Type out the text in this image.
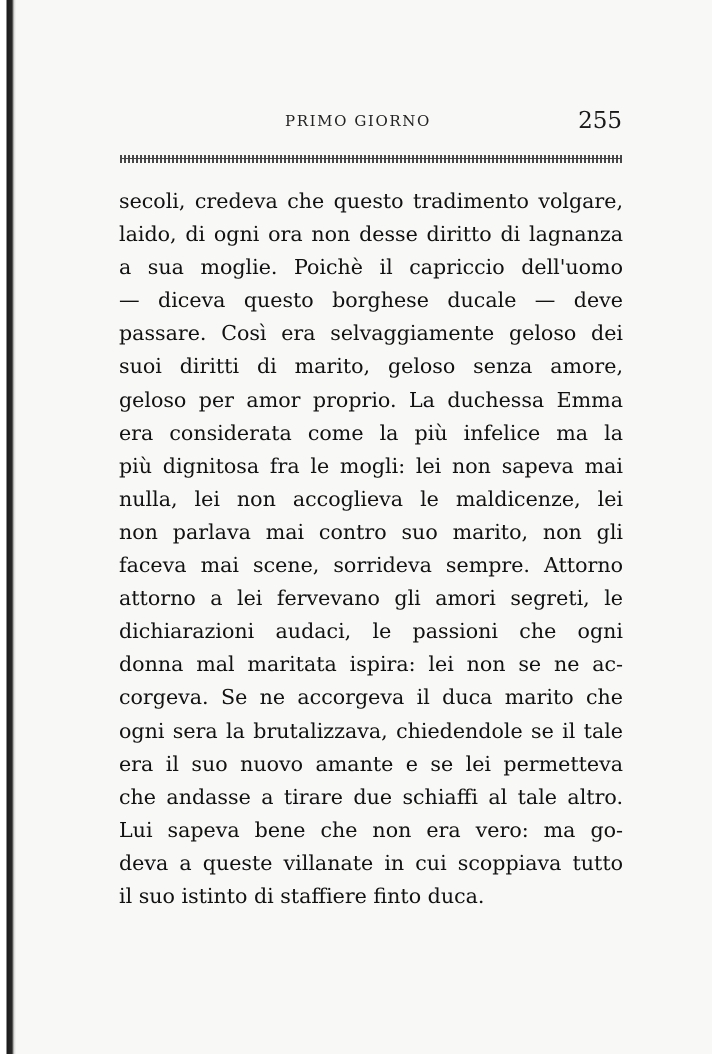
PRIMO GIORNO	255
secoli, credeva che questo tradimento volgare,
laido, di ogni ora non desse diritto di lagnanza
a sua moglie. Poichè il capriccio dell'uomo
— diceva questo borghese ducale — deve
passare. Così era selvaggiamente geloso dei
suoi diritti di marito, geloso senza amore,
geloso per amor proprio. La duchessa Emma
era considerata come la più infelice ma la
più dignitosa fra le mogli: lei non sapeva mai
nulla, lei non accoglieva le maldicenze, lei
non parlava mai contro suo marito, non gli
faceva mai scene, sorrideva sempre. Attorno
attorno a lei fervevano gli amori segreti, le
dichiarazioni audaci, le passioni che ogni
donna mal maritata ispira: lei non se ne ac-
corgeva. Se ne accorgeva il duca marito che
ogni sera la brutalizzava, chiedendole se il tale
era il suo nuovo amante e se lei permetteva
che andasse a tirare due schiaffi al tale altro.
Lui sapeva bene che non era vero: ma go-
deva a queste villanate in cui scoppiava tutto
il suo istinto di staffiere finto duca.
